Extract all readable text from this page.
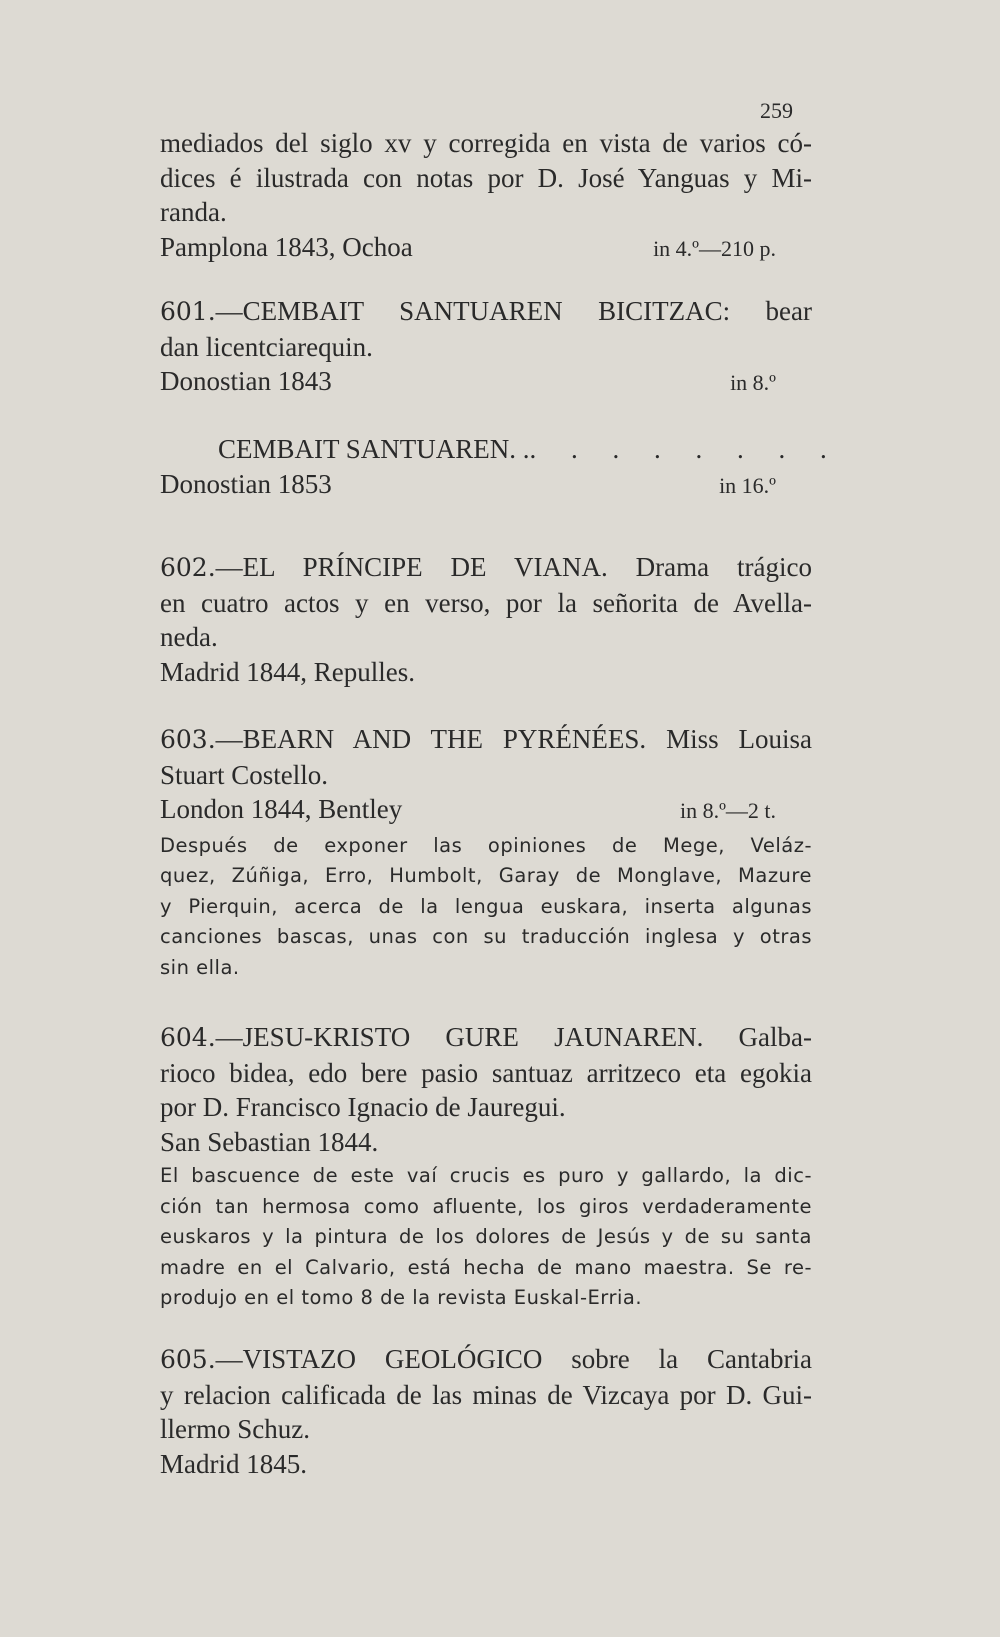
259
mediados del siglo xv y corregida en vista de varios có-
dices é ilustrada con notas por D. José Yanguas y Mi-
randa.
Pamplona 1843, Ochoa	in 4.º—210 p.
601.—CEMBAIT SANTUAREN BICITZAC: bear
dan licentciarequin.
Donostian 1843	in 8.º
CEMBAIT SANTUAREN. . . . . . . . . .
Donostian 1853	in 16.º
602.—EL PRÍNCIPE DE VIANA. Drama trágico
en cuatro actos y en verso, por la señorita de Avella-
neda.
Madrid 1844, Repulles.
603.—BEARN AND THE PYRÉNÉES. Miss Louisa
Stuart Costello.
London 1844, Bentley	in 8.º—2 t.
Después de exponer las opiniones de Mege, Veláz-
quez, Zúñiga, Erro, Humbolt, Garay de Monglave, Mazure
y Pierquin, acerca de la lengua euskara, inserta algunas
canciones bascas, unas con su traducción inglesa y otras
sin ella.
604.—JESU-KRISTO GURE JAUNAREN. Galba-
rioco bidea, edo bere pasio santuaz arritzeco eta egokia
por D. Francisco Ignacio de Jauregui.
San Sebastian 1844.
El bascuence de este vaí crucis es puro y gallardo, la dic-
ción tan hermosa como afluente, los giros verdaderamente
euskaros y la pintura de los dolores de Jesús y de su santa
madre en el Calvario, está hecha de mano maestra. Se re-
produjo en el tomo 8 de la revista Euskal-Erria.
605.—VISTAZO GEOLÓGICO sobre la Cantabria
y relacion calificada de las minas de Vizcaya por D. Gui-
llermo Schuz.
Madrid 1845.
